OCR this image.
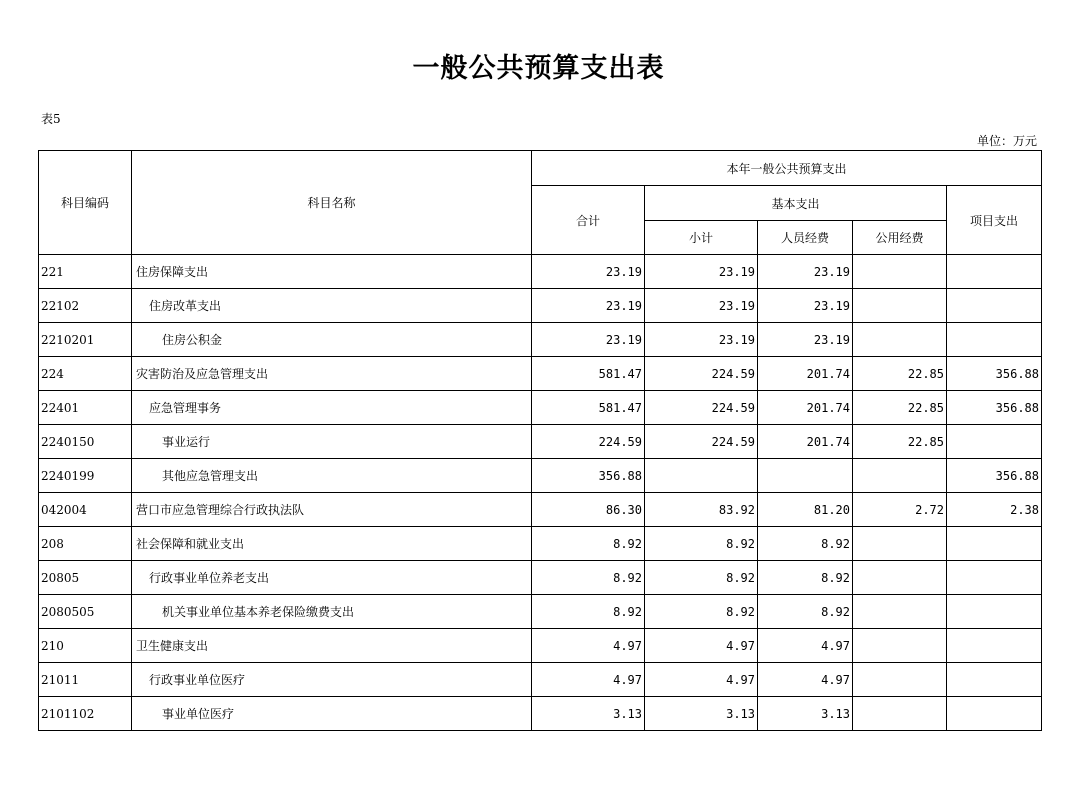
一般公共预算支出表
表5
单位：万元
科目编码	科目名称	本年一般公共预算支出				
		合计	基本支出			项目支出
			小计	人员经费	公用经费	
221	住房保障支出	23.19	23.19	23.19		
22102	住房改革支出	23.19	23.19	23.19		
2210201	住房公积金	23.19	23.19	23.19		
224	灾害防治及应急管理支出	581.47	224.59	201.74	22.85	356.88
22401	应急管理事务	581.47	224.59	201.74	22.85	356.88
2240150	事业运行	224.59	224.59	201.74	22.85	
2240199	其他应急管理支出	356.88				356.88
042004	营口市应急管理综合行政执法队	86.30	83.92	81.20	2.72	2.38
208	社会保障和就业支出	8.92	8.92	8.92		
20805	行政事业单位养老支出	8.92	8.92	8.92		
2080505	机关事业单位基本养老保险缴费支出	8.92	8.92	8.92		
210	卫生健康支出	4.97	4.97	4.97		
21011	行政事业单位医疗	4.97	4.97	4.97		
2101102	事业单位医疗	3.13	3.13	3.13		
